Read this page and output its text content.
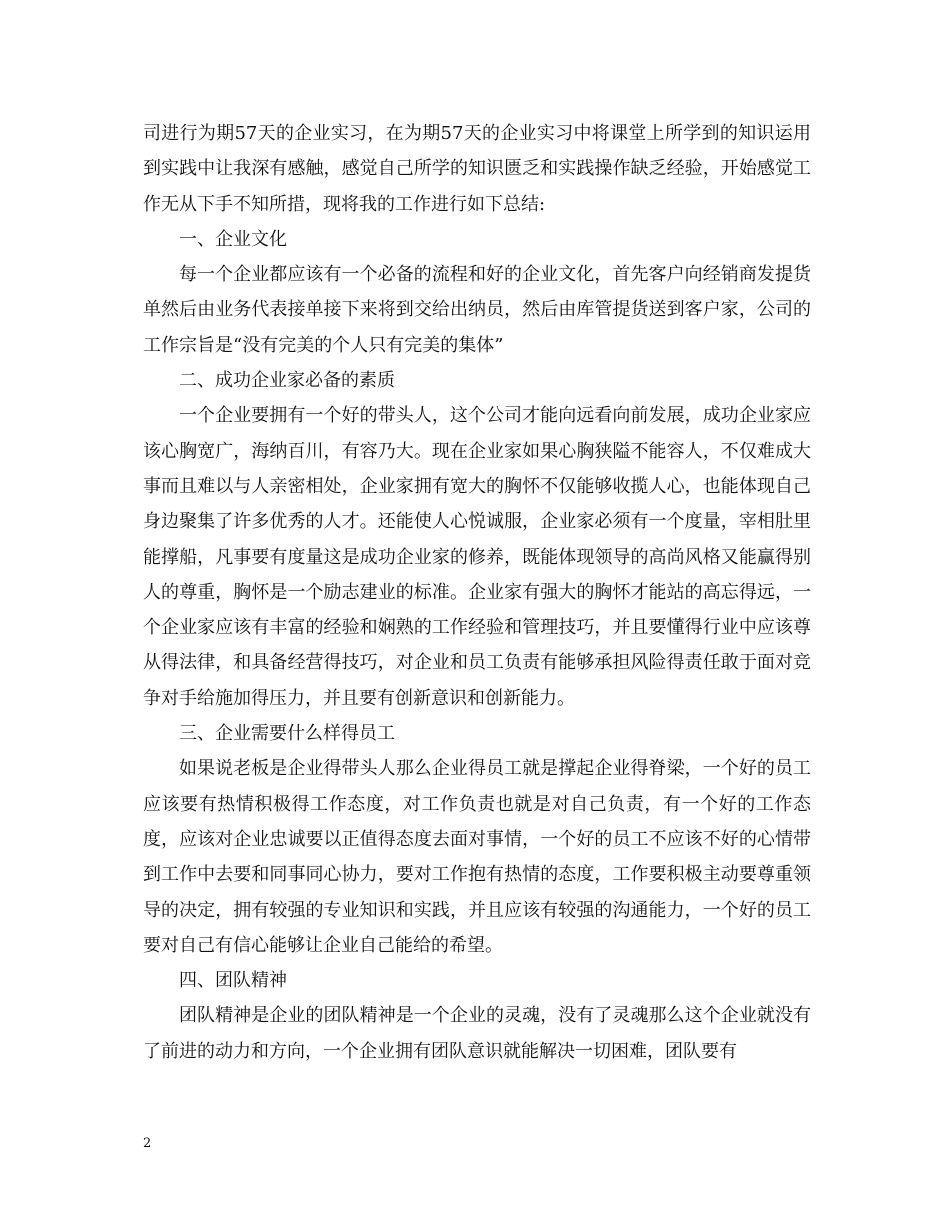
司进行为期57天的企业实习，在为期57天的企业实习中将课堂上所学到的知识运用到实践中让我深有感触，感觉自己所学的知识匮乏和实践操作缺乏经验，开始感觉工作无从下手不知所措，现将我的工作进行如下总结:

一、企业文化

每一个企业都应该有一个必备的流程和好的企业文化，首先客户向经销商发提货单然后由业务代表接单接下来将到交给出纳员，然后由库管提货送到客户家，公司的工作宗旨是“没有完美的个人只有完美的集体”

二、成功企业家必备的素质

一个企业要拥有一个好的带头人，这个公司才能向远看向前发展，成功企业家应该心胸宽广，海纳百川，有容乃大。现在企业家如果心胸狭隘不能容人，不仅难成大事而且难以与人亲密相处，企业家拥有宽大的胸怀不仅能够收揽人心，也能体现自己身边聚集了许多优秀的人才。还能使人心悦诚服，企业家必须有一个度量，宰相肚里能撑船，凡事要有度量这是成功企业家的修养，既能体现领导的高尚风格又能赢得别人的尊重，胸怀是一个励志建业的标准。企业家有强大的胸怀才能站的高忘得远，一个企业家应该有丰富的经验和娴熟的工作经验和管理技巧，并且要懂得行业中应该尊从得法律，和具备经营得技巧，对企业和员工负责有能够承担风险得责任敢于面对竞争对手给施加得压力，并且要有创新意识和创新能力。

三、企业需要什么样得员工

如果说老板是企业得带头人那么企业得员工就是撑起企业得脊梁，一个好的员工应该要有热情积极得工作态度，对工作负责也就是对自己负责，有一个好的工作态度，应该对企业忠诚要以正值得态度去面对事情，一个好的员工不应该不好的心情带到工作中去要和同事同心协力，要对工作抱有热情的态度，工作要积极主动要尊重领导的决定，拥有较强的专业知识和实践，并且应该有较强的沟通能力，一个好的员工要对自己有信心能够让企业自己能给的希望。

四、团队精神

团队精神是企业的团队精神是一个企业的灵魂，没有了灵魂那么这个企业就没有了前进的动力和方向，一个企业拥有团队意识就能解决一切困难，团队要有

2
